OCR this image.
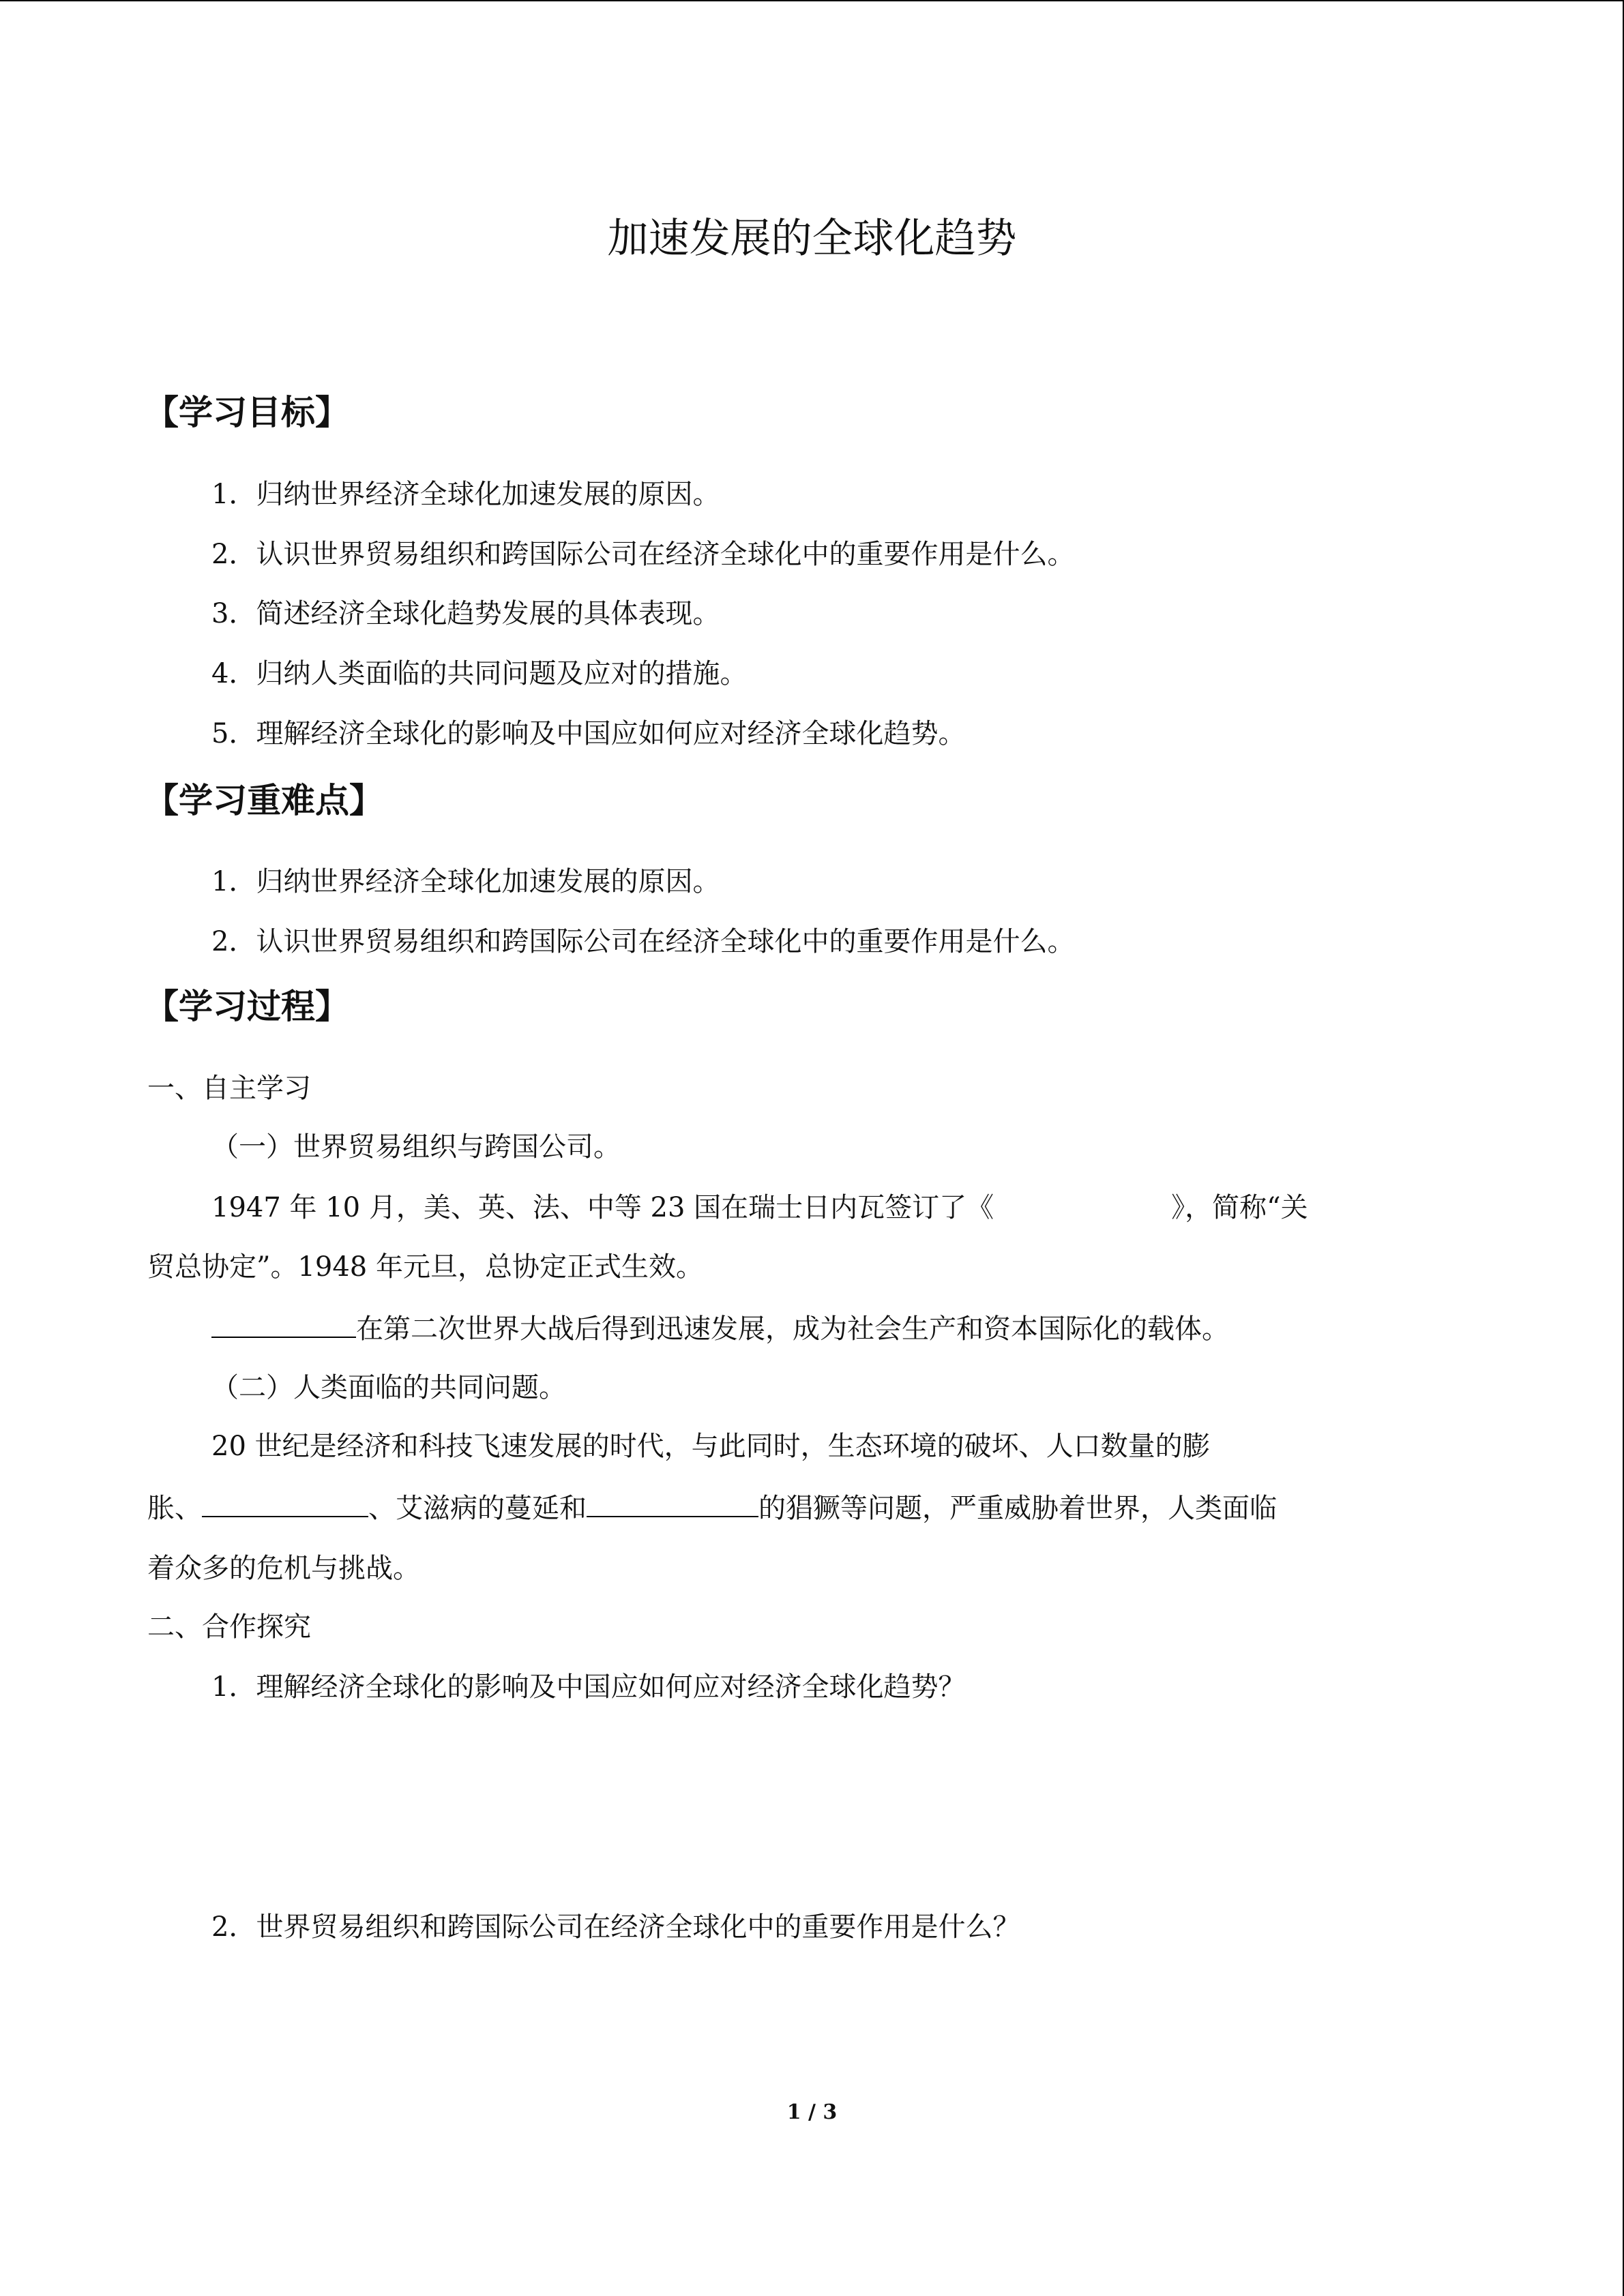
加速发展的全球化趋势
【学习目标】
1．归纳世界经济全球化加速发展的原因。
2．认识世界贸易组织和跨国际公司在经济全球化中的重要作用是什么。
3．简述经济全球化趋势发展的具体表现。
4．归纳人类面临的共同问题及应对的措施。
5．理解经济全球化的影响及中国应如何应对经济全球化趋势。
【学习重难点】
1．归纳世界经济全球化加速发展的原因。
2．认识世界贸易组织和跨国际公司在经济全球化中的重要作用是什么。
【学习过程】
一、自主学习
（一）世界贸易组织与跨国公司。
1947 年 10 月，美、英、法、中等 23 国在瑞士日内瓦签订了《	》，简称“关
贸总协定”。1948 年元旦，总协定正式生效。
在第二次世界大战后得到迅速发展，成为社会生产和资本国际化的载体。
（二）人类面临的共同问题。
20 世纪是经济和科技飞速发展的时代，与此同时，生态环境的破坏、人口数量的膨
胀、	、艾滋病的蔓延和	的猖獗等问题，严重威胁着世界，人类面临
着众多的危机与挑战。
二、合作探究
1．理解经济全球化的影响及中国应如何应对经济全球化趋势？
2．世界贸易组织和跨国际公司在经济全球化中的重要作用是什么？
1 / 3
